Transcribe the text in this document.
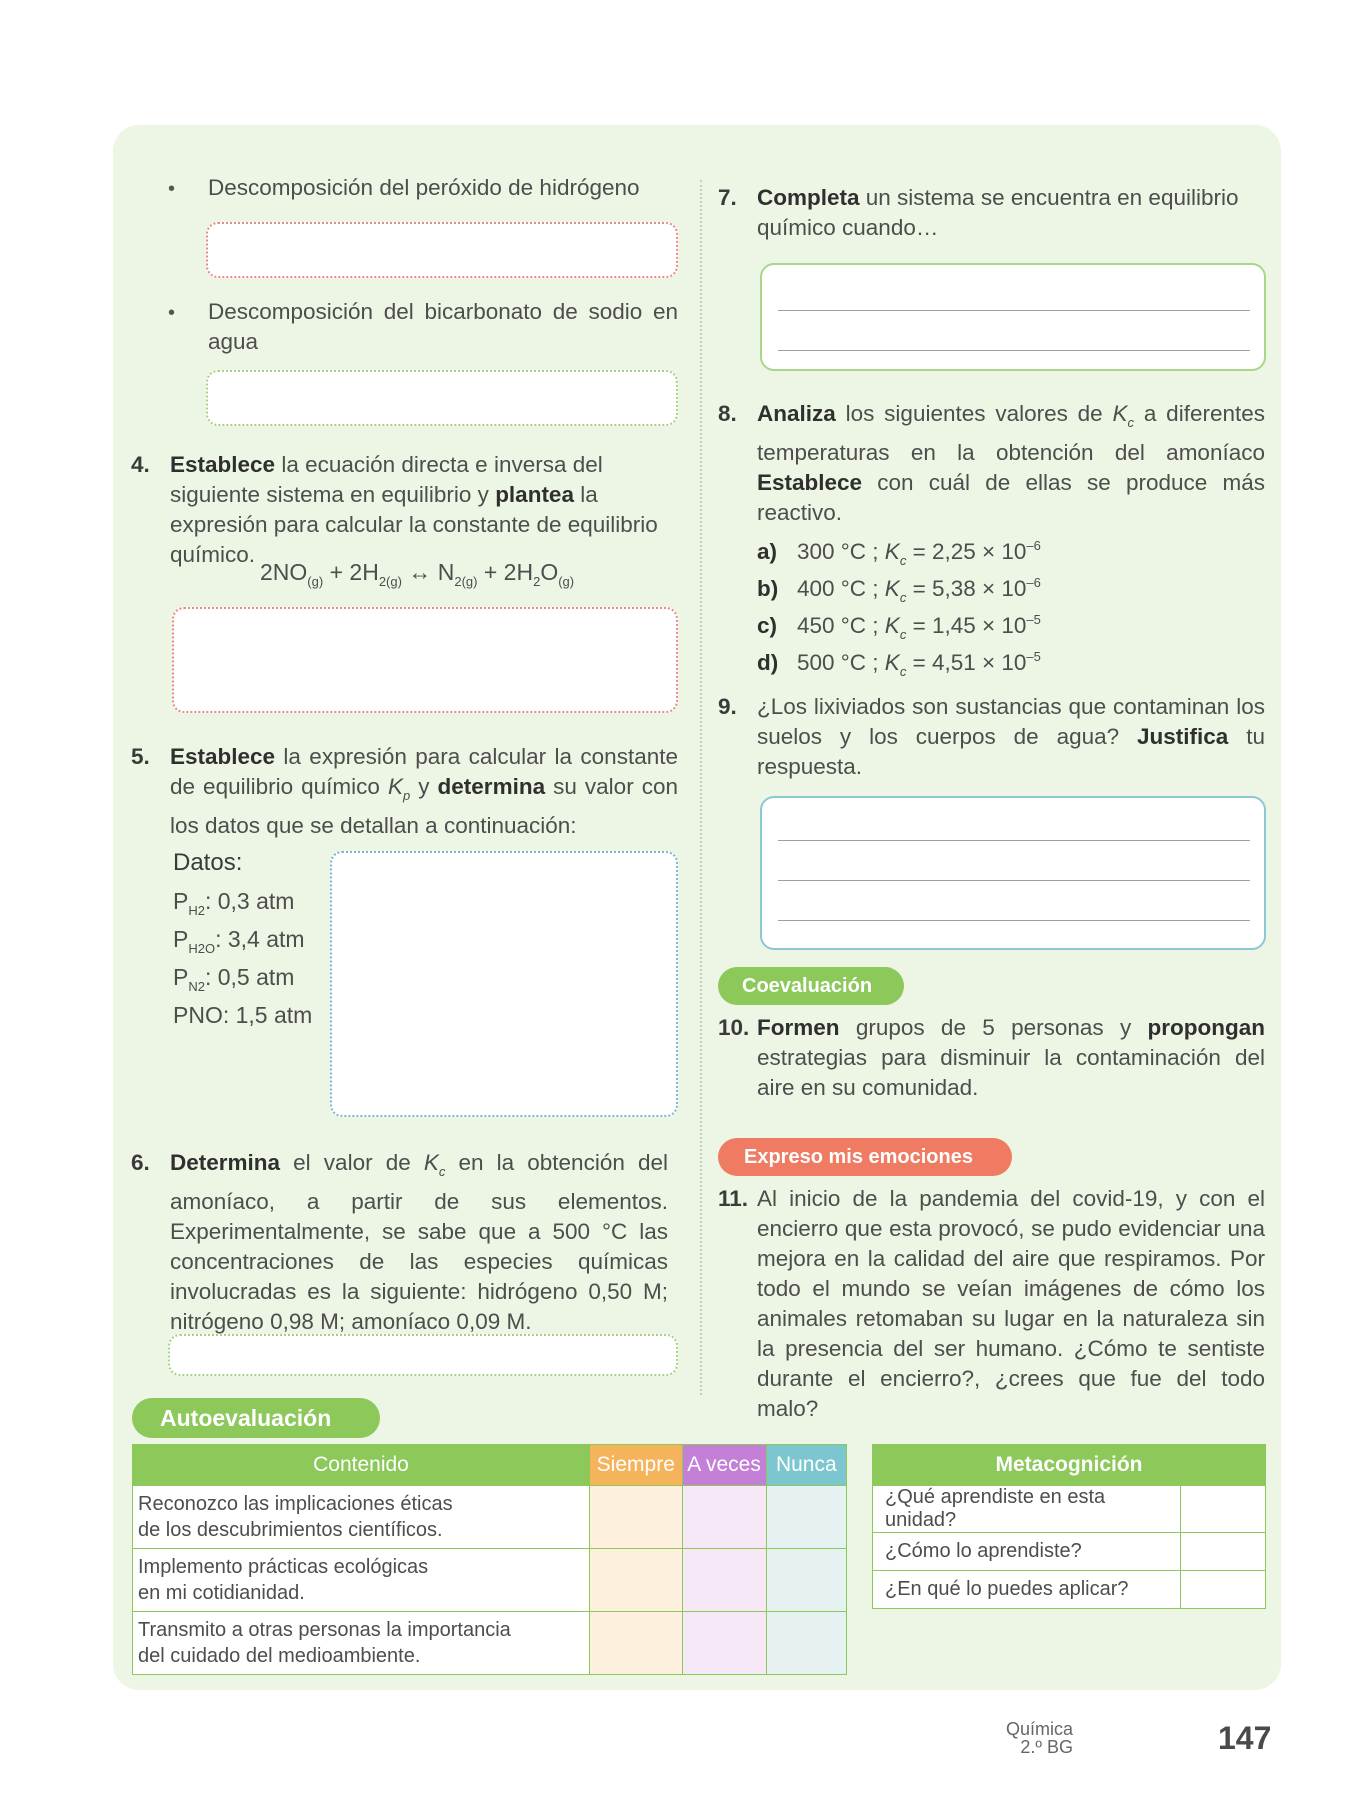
• Descomposición del peróxido de hidrógeno
• Descomposición del bicarbonato de sodio en agua
4. Establece la ecuación directa e inversa del siguiente sistema en equilibrio y plantea la expresión para calcular la constante de equilibrio químico.
$2NO_{(g)} + 2H_{2(g)}$ ↔ $N_{2(g)} + 2H_2O_{(g)}$
5. Establece la expresión para calcular la constante de equilibrio químico $K_p$ y determina su valor con los datos que se detallan a continuación:
Datos:
$P_{H2}$: 0,3 atm
$P_{H2O}$: 3,4 atm
$P_{N2}$: 0,5 atm
PNO: 1,5 atm
6. Determina el valor de $K_c$ en la obtención del amoníaco, a partir de sus elementos. Experimentalmente, se sabe que a 500 °C las concentraciones de las especies químicas involucradas es la siguiente: hidrógeno 0,50 M; nitrógeno 0,98 M; amoníaco 0,09 M.
7. Completa un sistema se encuentra en equilibrio químico cuando…
8. Analiza los siguientes valores de $K_c$ a diferentes temperaturas en la obtención del amoníaco Establece con cuál de ellas se produce más reactivo.
a) 300 °C ; $K_c = 2,25 \times 10^{-6}$
b) 400 °C ; $K_c = 5,38 \times 10^{-6}$
c) 450 °C ; $K_c = 1,45 \times 10^{-5}$
d) 500 °C ; $K_c = 4,51 \times 10^{-5}$
9. ¿Los lixiviados son sustancias que contaminan los suelos y los cuerpos de agua? Justifica tu respuesta.
Coevaluación
10. Formen grupos de 5 personas y propongan estrategias para disminuir la contaminación del aire en su comunidad.
Expreso mis emociones
11. Al inicio de la pandemia del covid-19, y con el encierro que esta provocó, se pudo evidenciar una mejora en la calidad del aire que respiramos. Por todo el mundo se veían imágenes de cómo los animales retomaban su lugar en la naturaleza sin la presencia del ser humano. ¿Cómo te sentiste durante el encierro?, ¿crees que fue del todo malo?
Autoevaluación
Contenido	Siempre	A veces	Nunca
Reconozco las implicaciones éticas
de los descubrimientos científicos.			
Implemento prácticas ecológicas
en mi cotidianidad.			
Transmito a otras personas la importancia
del cuidado del medioambiente.			
Metacognición	
¿Qué aprendiste en esta unidad?	
¿Cómo lo aprendiste?	
¿En qué lo puedes aplicar?	
Química
2.º BG	147
